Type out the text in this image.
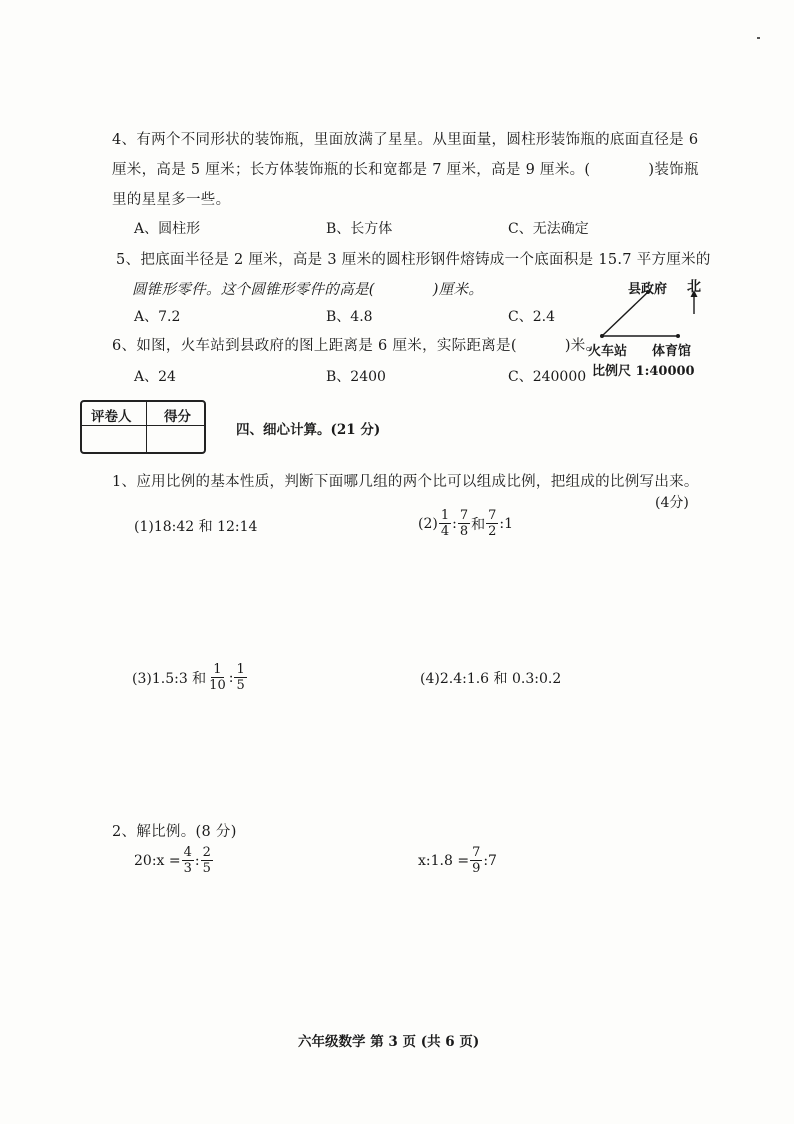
4、有两个不同形状的装饰瓶，里面放满了星星。从里面量，圆柱形装饰瓶的底面直径是 6
厘米，高是 5 厘米；长方体装饰瓶的长和宽都是 7 厘米，高是 9 厘米。(	)装饰瓶
里的星星多一些。
A、圆柱形	B、长方体	C、无法确定
5、把底面半径是 2 厘米，高是 3 厘米的圆柱形钢件熔铸成一个底面积是 15.7 平方厘米的
圆锥形零件。这个圆锥形零件的高是(	)厘米。
A、7.2	B、4.8	C、2.4
6、如图，火车站到县政府的图上距离是 6 厘米，实际距离是(	)米。
A、24	B、2400	C、240000
县政府 北
火车站 体育馆
比例尺 1:40000
评卷人 得分
四、细心计算。(21 分)
1、应用比例的基本性质，判断下面哪几组的两个比可以组成比例，把组成的比例写出来。
(4分)
(1)18:42 和 12:14	$(2) \frac{1}{4}$ : $\frac{7}{8}$ 和 $\frac{7}{2}$ :1
(3)1.5:3 和 $\frac{1}{10}$ : $\frac{1}{5}$	(4)2.4:1.6 和 0.3:0.2
2、解比例。(8 分)
20:x = $\frac{4}{3}$ : $\frac{2}{5}$	x:1.8 = $\frac{7}{9}$ :7
六年级数学 第 3 页 (共 6 页)
